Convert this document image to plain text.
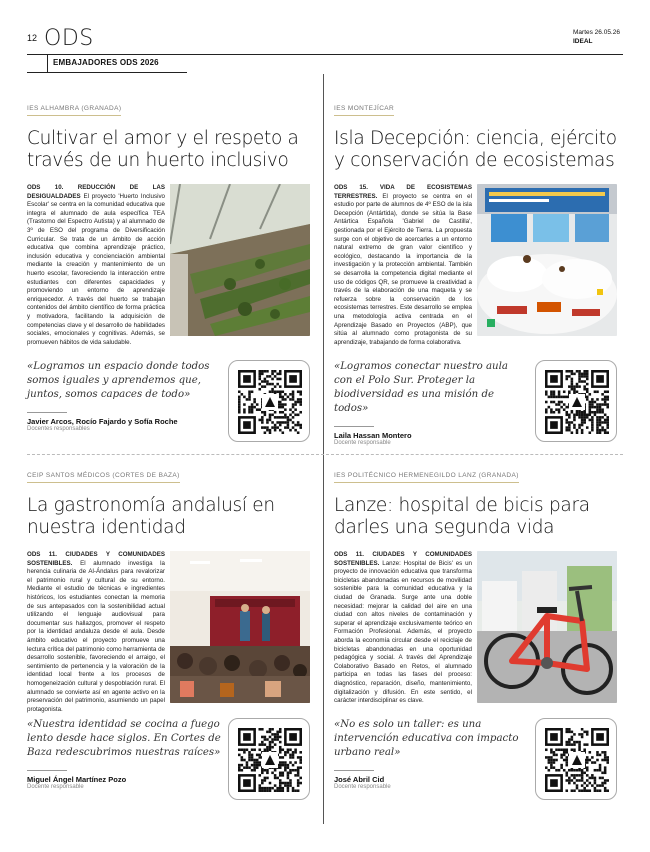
12 ODS	Martes 26.05.26
IDEAL
EMBAJADORES ODS 2026
IES ALHAMBRA (GRANADA)
Cultivar el amor y el respeto a través de un huerto inclusivo
ODS 10. REDUCCIÓN DE LAS DESIGUALDADES El proyecto 'Huerto Inclusivo Escolar' se centra en la comunidad educativa que integra el alumnado de aula específica TEA (Trastorno del Espectro Autista) y al alumnado de 3º de ESO del programa de Diversificación Curricular. Se trata de un ámbito de acción educativa que combina aprendizaje práctico, inclusión educativa y concienciación ambiental mediante la creación y mantenimiento de un huerto escolar, favoreciendo la interacción entre estudiantes con diferentes capacidades y promoviendo un entorno de aprendizaje enriquecedor. A través del huerto se trabajan contenidos del ámbito científico de forma práctica y motivadora, facilitando la adquisición de competencias clave y el desarrollo de habilidades sociales, emocionales y cognitivas. Además, se promueven hábitos de vida saludable.
«Logramos un espacio donde todos somos iguales y aprendemos que, juntos, somos capaces de todo»
Javier Arcos, Rocío Fajardo y Sofía Roche
Docentes responsables
IES MONTEJÍCAR
Isla Decepción: ciencia, ejército y conservación de ecosistemas
ODS 15. VIDA DE ECOSISTEMAS TERRESTRES. El proyecto se centra en el estudio por parte de alumnos de 4º ESO de la isla Decepción (Antártida), donde se sitúa la Base Antártica Española 'Gabriel de Castilla', gestionada por el Ejército de Tierra. La propuesta surge con el objetivo de acercarles a un entorno natural extremo de gran valor científico y ecológico, destacando la importancia de la investigación y la protección ambiental. También se desarrolla la competencia digital mediante el uso de códigos QR, se promueve la creatividad a través de la elaboración de una maqueta y se refuerza sobre la conservación de los ecosistemas terrestres. Este desarrollo se emplea una metodología activa centrada en el Aprendizaje Basado en Proyectos (ABP), que sitúa al alumnado como protagonista de su aprendizaje, trabajando de forma colaborativa.
«Logramos conectar nuestro aula con el Polo Sur. Proteger la biodiversidad es una misión de todos»
Laila Hassan Montero
Docente responsable
CEIP SANTOS MÉDICOS (CORTES DE BAZA)
La gastronomía andalusí en nuestra identidad
ODS 11. CIUDADES Y COMUNIDADES SOSTENIBLES. El alumnado investiga la herencia culinaria de Al-Ándalus para revalorizar el patrimonio rural y cultural de su entorno. Mediante el estudio de técnicas e ingredientes históricos, los estudiantes conectan la memoria de sus antepasados con la sostenibilidad actual utilizando el lenguaje audiovisual para documentar sus hallazgos, promover el respeto por la identidad andaluza desde el aula. Desde ámbito educativo el proyecto promueve una lectura crítica del patrimonio como herramienta de desarrollo sostenible, favoreciendo el arraigo, el sentimiento de pertenencia y la valoración de la identidad local frente a los procesos de homogeneización cultural y despoblación rural. El alumnado se convierte así en agente activo en la preservación del patrimonio, asumiendo un papel protagonista.
«Nuestra identidad se cocina a fuego lento desde hace siglos. En Cortes de Baza redescubrimos nuestras raíces»
Miguel Ángel Martínez Pozo
Docente responsable
IES POLITÉCNICO HERMENEGILDO LANZ (GRANADA)
Lanze: hospital de bicis para darles una segunda vida
ODS 11. CIUDADES Y COMUNIDADES SOSTENIBLES. Lanze: Hospital de Bicis' es un proyecto de innovación educativa que transforma bicicletas abandonadas en recursos de movilidad sostenible para la comunidad educativa y la ciudad de Granada. Surge ante una doble necesidad: mejorar la calidad del aire en una ciudad con altos niveles de contaminación y superar el aprendizaje exclusivamente teórico en Formación Profesional. Además, el proyecto aborda la economía circular desde el reciclaje de bicicletas abandonadas en una oportunidad pedagógica y social. A través del Aprendizaje Colaborativo Basado en Retos, el alumnado participa en todas las fases del proceso: diagnóstico, reparación, diseño, mantenimiento, digitalización y difusión. En este sentido, el carácter interdisciplinar es clave.
«No es solo un taller: es una intervención educativa con impacto urbano real»
José Abril Cid
Docente responsable
